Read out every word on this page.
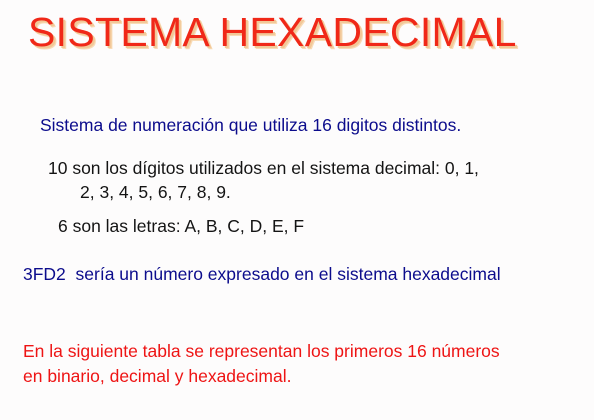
SISTEMA HEXADECIMAL
Sistema de numeración que utiliza 16 digitos distintos.
10 son los dígitos utilizados en el sistema decimal: 0, 1,
2, 3, 4, 5, 6, 7, 8, 9.
6 son las letras: A, B, C, D, E, F
3FD2  sería un número expresado en el sistema hexadecimal
En la siguiente tabla se representan los primeros 16 números
en binario, decimal y hexadecimal.
